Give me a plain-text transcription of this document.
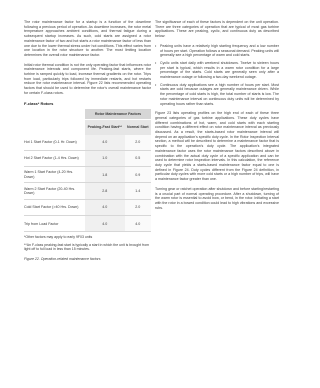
The rotor maintenance factor for a startup is a function of the downtime following a previous period of operation. As downtime increases, the rotor metal temperature approaches ambient conditions, and thermal fatigue during a subsequent startup increases. As such, cold starts are assigned a rotor maintenance factor of two and hot starts a rotor maintenance factor of less than one due to the lower thermal stress under hot conditions. This effect varies from one location in the rotor structure to another. The most limiting location determines the overall rotor maintenance factor.

Initial rotor thermal condition is not the only operating factor that influences rotor maintenance intervals and component life. Peaking-fast starts, where the turbine is ramped quickly to load, increase thermal gradients on the rotor. Trips from load, particularly trips followed by immediate restarts, and hot restarts reduce the rotor maintenance interval. Figure 22 lists recommended operating factors that should be used to determine the rotor's overall maintenance factor for certain F-class rotors.

F-class* Rotors
	Rotor Maintenance Factors	
	Peaking-Fast Start**	Normal Start
Hot 1 Start Factor (0-1 Hr. Down)	4.0	2.0
Hot 2 Start Factor (1-4 Hrs. Down)	1.0	0.5
Warm 1 Start Factor (4-20 Hrs. Down)	1.8	0.9
Warm 2 Start Factor (20-40 Hrs. Down)	2.8	1.4
Cold Start Factor (>40 Hrs. Down)	4.0	2.0
Trip from Load Factor	4.0	4.0
*Other factors may apply to early 9F03 units
**An F-class peaking-fast start is typically a start in which the unit is brought from light off to full load in less than 15 minutes.
Figure 22. Operation-related maintenance factors

The significance of each of these factors is dependent on the unit operation. There are three categories of operation that are typical of most gas turbine applications. These are peaking, cyclic, and continuous duty as described below:

• Peaking units have a relatively high starting frequency and a low number of hours per start. Operation follows a seasonal demand. Peaking units will generally see a high percentage of warm and cold starts.
• Cyclic units start daily with weekend shutdowns. Twelve to sixteen hours per start is typical, which results in a warm rotor condition for a large percentage of the starts. Cold starts are generally seen only after a maintenance outage or following a two-day weekend outage.
• Continuous duty applications see a high number of hours per start. Most starts are cold because outages are generally maintenance driven. While the percentage of cold starts is high, the total number of starts is low. The rotor maintenance interval on continuous duty units will be determined by operating hours rather than starts.

Figure 23 lists operating profiles on the high end of each of these three general categories of gas turbine applications. These duty cycles have different combinations of hot, warm, and cold starts with each starting condition having a different effect on rotor maintenance interval as previously discussed. As a result, the starts-based rotor maintenance interval will depend on an application's specific duty cycle. In the Rotor Inspection Interval section, a method will be described to determine a maintenance factor that is specific to the operation's duty cycle. The application's integrated maintenance factor uses the rotor maintenance factors described above in combination with the actual duty cycle of a specific application and can be used to determine rotor inspection intervals. In this calculation, the reference duty cycle that yields a starts-based maintenance factor equal to one is defined in Figure 24. Duty cycles different from the Figure 24 definition, in particular duty cycles with more cold starts or a high number of trips, will have a maintenance factor greater than one.

Turning gear or ratchet operation after shutdown and before starting/restarting is a crucial part of normal operating procedure. After a shutdown, turning of the warm rotor is essential to avoid bow, or bend, in the rotor. Initiating a start with the rotor in a bowed condition could lead to high vibrations and excessive rubs.
